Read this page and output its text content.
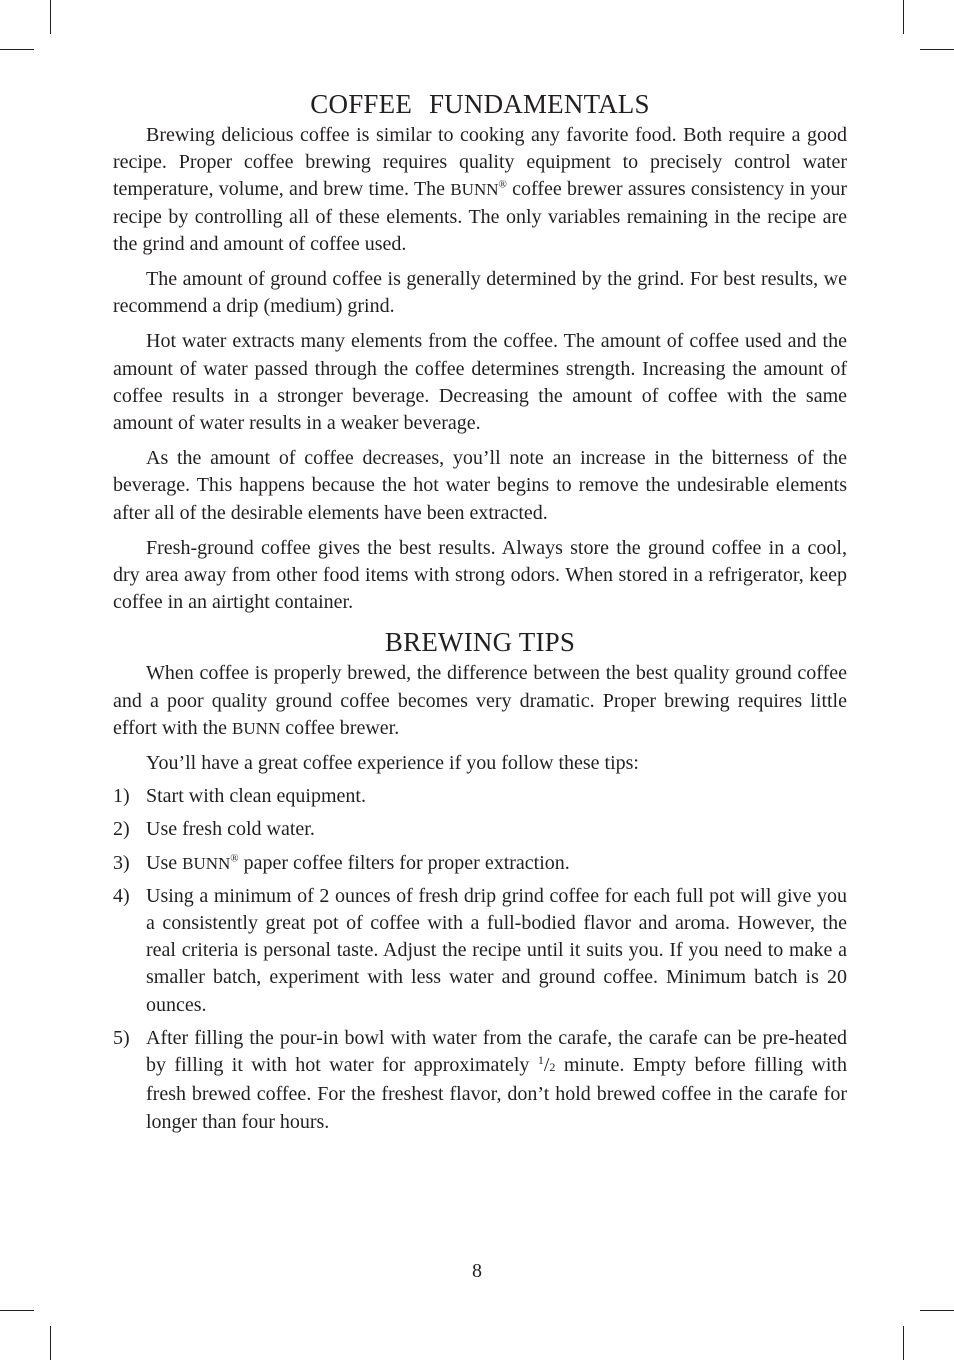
COFFEE FUNDAMENTALS

Brewing delicious coffee is similar to cooking any favorite food. Both require a good recipe. Proper coffee brewing requires quality equipment to precisely control water temperature, volume, and brew time. The BUNN® coffee brewer assures consistency in your recipe by controlling all of these elements. The only variables remaining in the recipe are the grind and amount of coffee used.

The amount of ground coffee is generally determined by the grind. For best results, we recommend a drip (medium) grind.

Hot water extracts many elements from the coffee. The amount of coffee used and the amount of water passed through the coffee determines strength. Increasing the amount of coffee results in a stronger beverage. Decreasing the amount of coffee with the same amount of water results in a weaker beverage.

As the amount of coffee decreases, you’ll note an increase in the bitterness of the beverage. This happens because the hot water begins to remove the undesirable elements after all of the desirable elements have been extracted.

Fresh-ground coffee gives the best results. Always store the ground coffee in a cool, dry area away from other food items with strong odors. When stored in a refrigerator, keep coffee in an airtight container.

BREWING TIPS

When coffee is properly brewed, the difference between the best quality ground coffee and a poor quality ground coffee becomes very dramatic. Proper brewing requires little effort with the BUNN coffee brewer.

You’ll have a great coffee experience if you follow these tips:

1) Start with clean equipment.
2) Use fresh cold water.
3) Use BUNN® paper coffee filters for proper extraction.
4) Using a minimum of 2 ounces of fresh drip grind coffee for each full pot will give you a consistently great pot of coffee with a full-bodied flavor and aroma. However, the real criteria is personal taste. Adjust the recipe until it suits you. If you need to make a smaller batch, experiment with less water and ground coffee. Minimum batch is 20 ounces.
5) After filling the pour-in bowl with water from the carafe, the carafe can be pre-heated by filling it with hot water for approximately $^1$/2 minute. Empty before filling with fresh brewed coffee. For the freshest flavor, don’t hold brewed coffee in the carafe for longer than four hours.
8
